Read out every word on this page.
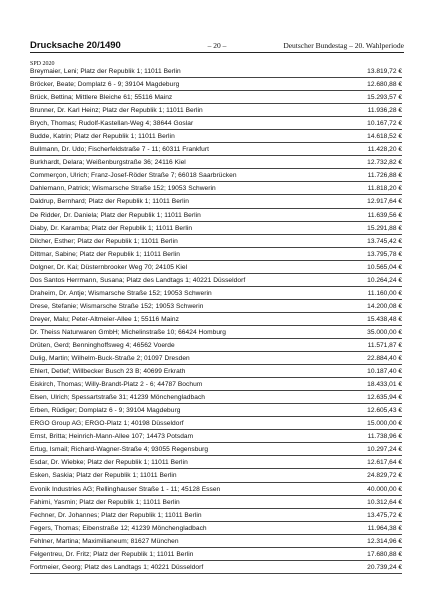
Drucksache 20/1490	– 20 –	Deutscher Bundestag – 20. Wahlperiode
SPD 2020
Breymaier, Leni; Platz der Republik 1; 11011 Berlin	13.819,72 €
Bröcker, Beate; Domplatz 6 - 9; 39104 Magdeburg	12.680,88 €
Brück, Bettina; Mittlere Bleiche 61; 55116 Mainz	15.293,57 €
Brunner, Dr. Karl Heinz; Platz der Republik 1; 11011 Berlin	11.936,28 €
Brych, Thomas; Rudolf-Kastellan-Weg 4; 38644 Goslar	10.167,72 €
Budde, Katrin; Platz der Republik 1; 11011 Berlin	14.618,52 €
Bullmann, Dr. Udo; Fischerfeldstraße 7 - 11; 60311 Frankfurt	11.428,20 €
Burkhardt, Delara; Weißenburgstraße 36; 24116 Kiel	12.732,82 €
Commerçon, Ulrich; Franz-Josef-Röder Straße 7; 66018 Saarbrücken	11.726,88 €
Dahlemann, Patrick; Wismarsche Straße 152; 19053 Schwerin	11.818,20 €
Daldrup, Bernhard; Platz der Republik 1; 11011 Berlin	12.917,64 €
De Ridder, Dr. Daniela; Platz der Republik 1; 11011 Berlin	11.639,56 €
Diaby, Dr. Karamba; Platz der Republik 1; 11011 Berlin	15.291,88 €
Dilcher, Esther; Platz der Republik 1; 11011 Berlin	13.745,42 €
Dittmar, Sabine; Platz der Republik 1; 11011 Berlin	13.795,78 €
Dolgner, Dr. Kai; Düsternbrooker Weg 70; 24105 Kiel	10.565,04 €
Dos Santos Herrmann, Susana; Platz des Landtags 1; 40221 Düsseldorf	10.264,24 €
Draheim, Dr. Antje; Wismarsche Straße 152; 19053 Schwerin	11.160,00 €
Drese, Stefanie; Wismarsche Straße 152; 19053 Schwerin	14.200,08 €
Dreyer, Malu; Peter-Altmeier-Allee 1; 55116 Mainz	15.438,48 €
Dr. Theiss Naturwaren GmbH; Michelinstraße 10; 66424 Homburg	35.000,00 €
Drüten, Gerd; Benninghoffsweg 4; 46562 Voerde	11.571,87 €
Dulig, Martin; Wilhelm-Buck-Straße 2; 01097 Dresden	22.884,40 €
Ehlert, Detlef; Willbecker Busch 23 B; 40699 Erkrath	10.187,40 €
Eiskirch, Thomas; Willy-Brandt-Platz 2 - 6; 44787 Bochum	18.433,01 €
Elsen, Ulrich; Spessartstraße 31; 41239 Mönchengladbach	12.635,94 €
Erben, Rüdiger; Domplatz 6 - 9; 39104 Magdeburg	12.605,43 €
ERGO Group AG; ERGO-Platz 1; 40198 Düsseldorf	15.000,00 €
Ernst, Britta; Heinrich-Mann-Allee 107; 14473 Potsdam	11.738,96 €
Ertug, Ismail; Richard-Wagner-Straße 4; 93055 Regensburg	10.297,24 €
Esdar, Dr. Wiebke; Platz der Republik 1; 11011 Berlin	12.617,64 €
Esken, Saskia; Platz der Republik 1; 11011 Berlin	24.829,72 €
Evonik Industries AG; Rellinghauser Straße 1 - 11; 45128 Essen	40.000,00 €
Fahimi, Yasmin; Platz der Republik 1; 11011 Berlin	10.312,64 €
Fechner, Dr. Johannes; Platz der Republik 1; 11011 Berlin	13.475,72 €
Fegers, Thomas; Eibenstraße 12; 41239 Mönchengladbach	11.964,38 €
Fehlner, Martina; Maximilianeum; 81627 München	12.314,96 €
Felgentreu, Dr. Fritz; Platz der Republik 1; 11011 Berlin	17.680,88 €
Fortmeier, Georg; Platz des Landtags 1; 40221 Düsseldorf	20.739,24 €
